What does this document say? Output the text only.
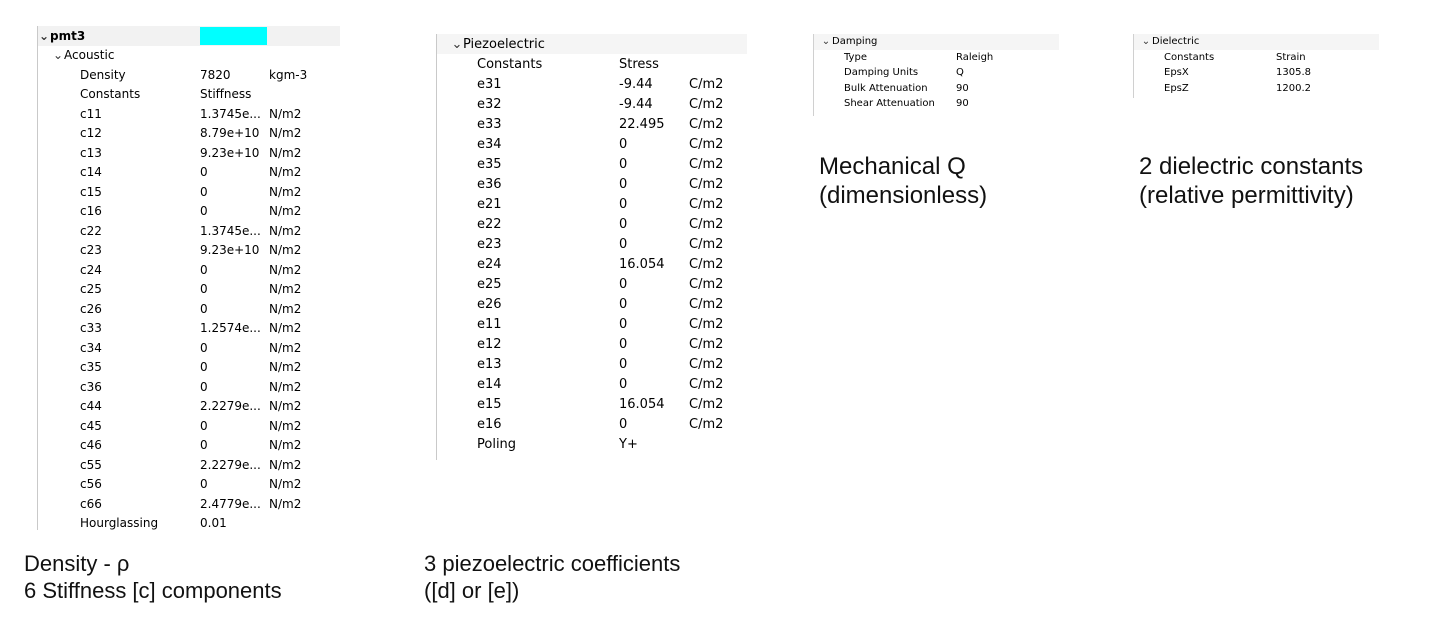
⌄pmt3			
⌄Acoustic			
	Density	7820	kgm-3
	Constants	Stiffness	
	c11	1.3745e...	N/m2
	c12	8.79e+10	N/m2
	c13	9.23e+10	N/m2
	c14	0	N/m2
	c15	0	N/m2
	c16	0	N/m2
	c22	1.3745e...	N/m2
	c23	9.23e+10	N/m2
	c24	0	N/m2
	c25	0	N/m2
	c26	0	N/m2
	c33	1.2574e...	N/m2
	c34	0	N/m2
	c35	0	N/m2
	c36	0	N/m2
	c44	2.2279e...	N/m2
	c45	0	N/m2
	c46	0	N/m2
	c55	2.2279e...	N/m2
	c56	0	N/m2
	c66	2.4779e...	N/m2
	Hourglassing	0.01	
⌄Piezoelectric			
	Constants	Stress	
	e31	-9.44	C/m2
	e32	-9.44	C/m2
	e33	22.495	C/m2
	e34	0	C/m2
	e35	0	C/m2
	e36	0	C/m2
	e21	0	C/m2
	e22	0	C/m2
	e23	0	C/m2
	e24	16.054	C/m2
	e25	0	C/m2
	e26	0	C/m2
	e11	0	C/m2
	e12	0	C/m2
	e13	0	C/m2
	e14	0	C/m2
	e15	16.054	C/m2
	e16	0	C/m2
	Poling	Y+	
⌄ Damping		
	Type	Raleigh
	Damping Units	Q
	Bulk Attenuation	90
	Shear Attenuation	90
⌄ Dielectric		
	Constants	Strain
	EpsX	1305.8
	EpsZ	1200.2
Density - ρ
6 Stiffness [c] components
3 piezoelectric coefficients
([d] or [e])
Mechanical Q
(dimensionless)
2 dielectric constants
(relative permittivity)
